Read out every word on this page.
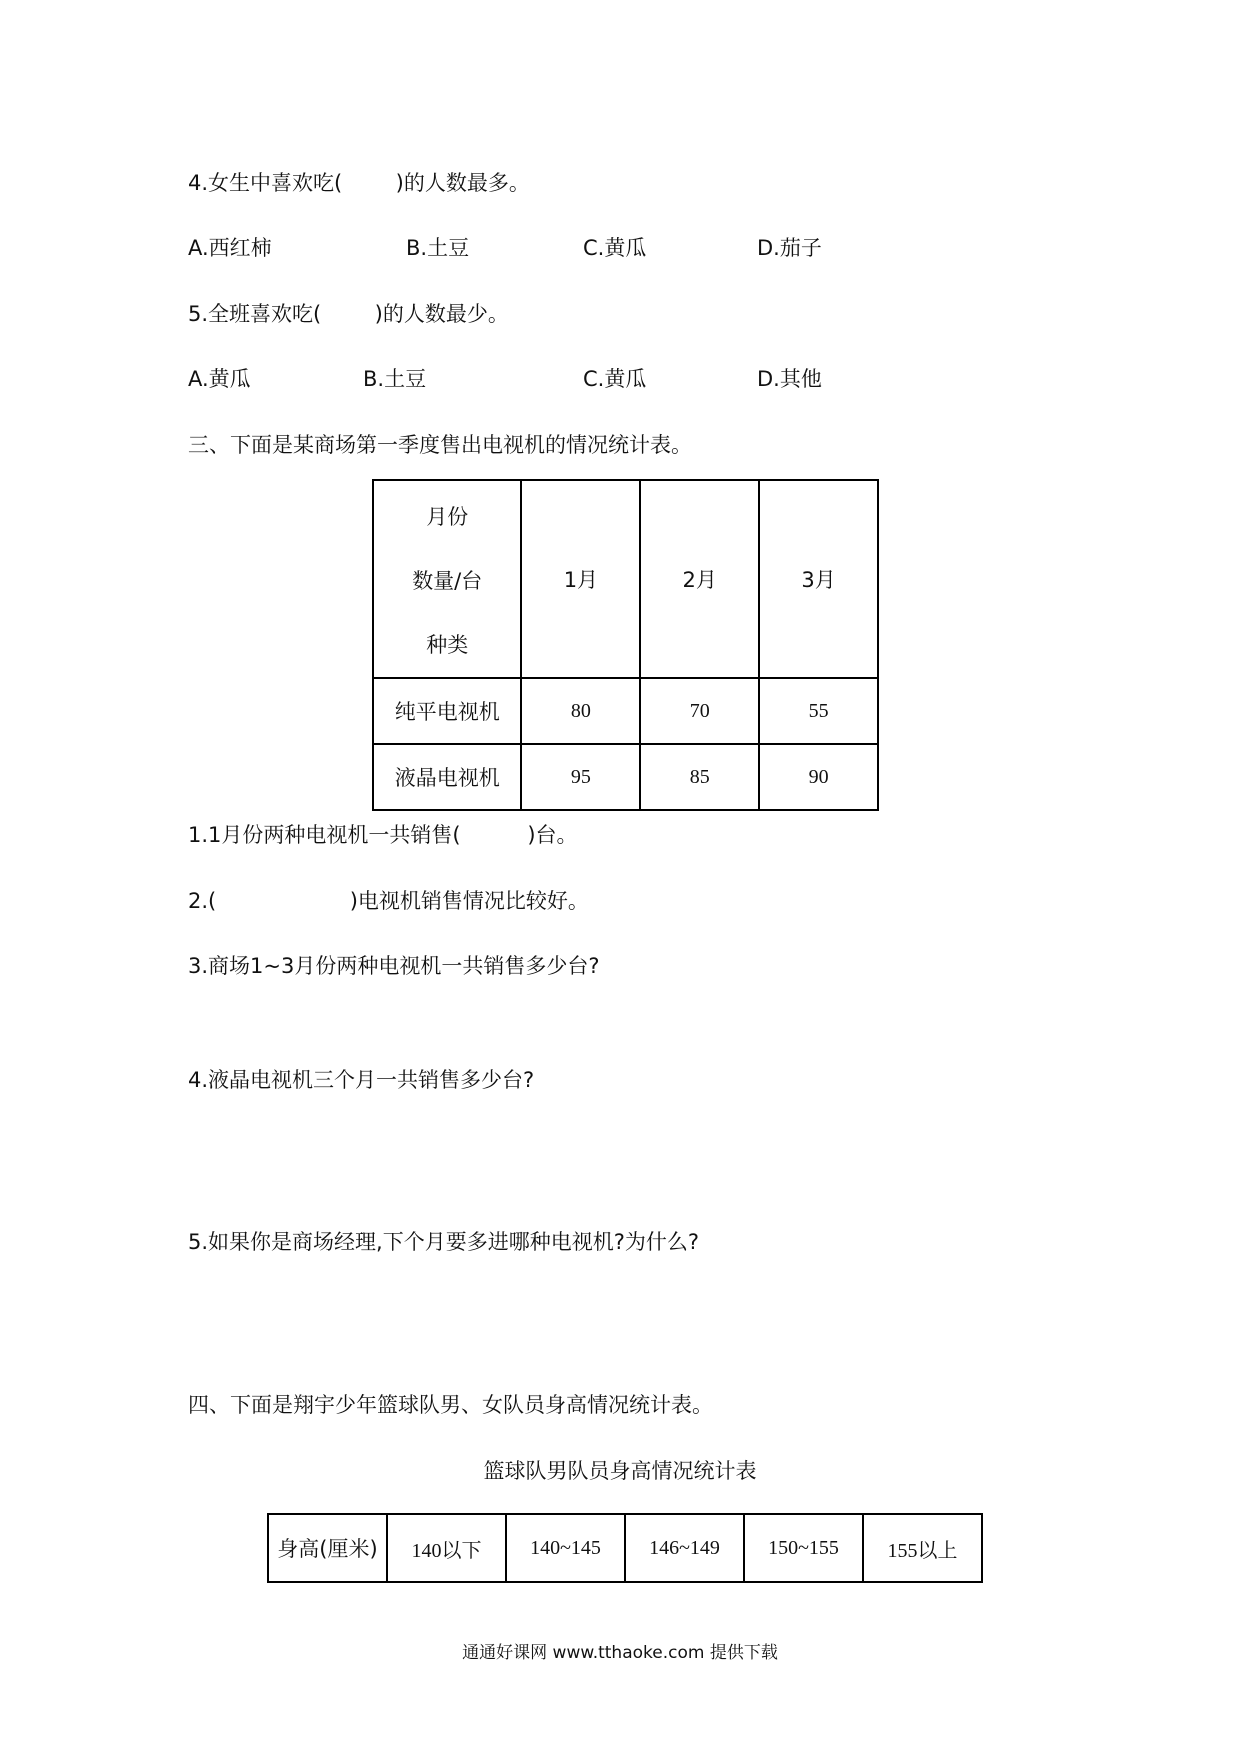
4.女生中喜欢吃(        )的人数最多。
A.西红柿	B.土豆	C.黄瓜	D.茄子
5.全班喜欢吃(        )的人数最少。
A.黄瓜	B.土豆	C.黄瓜	D.其他
三、下面是某商场第一季度售出电视机的情况统计表。
月份
数量/台
种类	1月	2月	3月
纯平电视机	80	70	55
液晶电视机	95	85	90
1.1月份两种电视机一共销售(          )台。
2.(                    )电视机销售情况比较好。
3.商场1~3月份两种电视机一共销售多少台?
4.液晶电视机三个月一共销售多少台?
5.如果你是商场经理,下个月要多进哪种电视机?为什么?
四、下面是翔宇少年篮球队男、女队员身高情况统计表。
篮球队男队员身高情况统计表
身高(厘米)	140以下	140~145	146~149	150~155	155以上
通通好课网 www.tthaoke.com 提供下载
